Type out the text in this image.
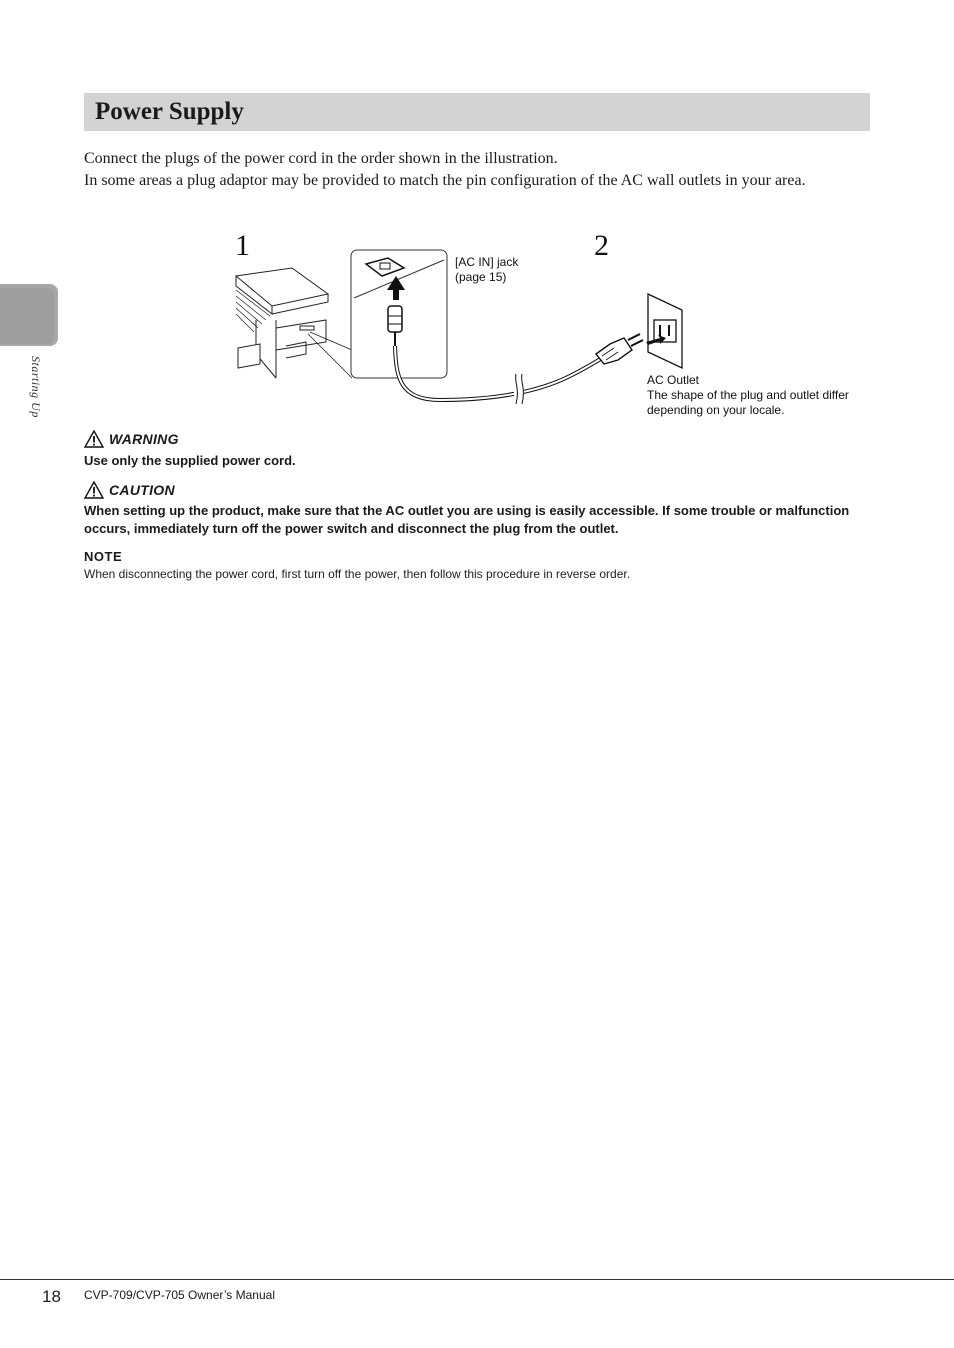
Power Supply

Connect the plugs of the power cord in the order shown in the illustration.

In some areas a plug adaptor may be provided to match the pin configuration of the AC wall outlets in your area.

Starting Up
1	2
[AC IN] jack
(page 15)
AC Outlet
The shape of the plug and outlet differ
depending on your locale.
WARNING

Use only the supplied power cord.

CAUTION

When setting up the product, make sure that the AC outlet you are using is easily accessible. If some trouble or malfunction occurs, immediately turn off the power switch and disconnect the plug from the outlet.

NOTE
When disconnecting the power cord, first turn off the power, then follow this procedure in reverse order.
18 CVP-709/CVP-705 Owner’s Manual
